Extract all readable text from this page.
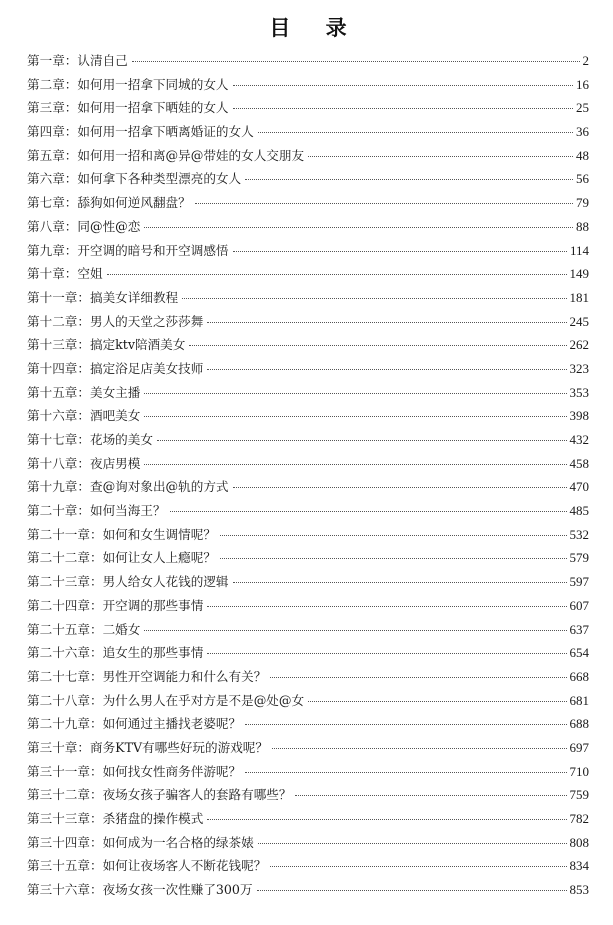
目 录
第一章： 认清自己	2
第二章： 如何用一招拿下同城的女人	16
第三章： 如何用一招拿下晒娃的女人	25
第四章： 如何用一招拿下晒离婚证的女人	36
第五章： 如何用一招和离@异@带娃的女人交朋友	48
第六章： 如何拿下各种类型漂亮的女人	56
第七章： 舔狗如何逆风翻盘？	79
第八章： 同@性@恋	88
第九章： 开空调的暗号和开空调感悟	114
第十章： 空姐	149
第十一章： 搞美女详细教程	181
第十二章： 男人的天堂之莎莎舞	245
第十三章： 搞定ktv陪酒美女	262
第十四章： 搞定浴足店美女技师	323
第十五章： 美女主播	353
第十六章： 酒吧美女	398
第十七章： 花场的美女	432
第十八章： 夜店男模	458
第十九章： 查@询对象出@轨的方式	470
第二十章： 如何当海王？	485
第二十一章： 如何和女生调情呢？	532
第二十二章： 如何让女人上瘾呢？	579
第二十三章： 男人给女人花钱的逻辑	597
第二十四章： 开空调的那些事情	607
第二十五章： 二婚女	637
第二十六章： 追女生的那些事情	654
第二十七章： 男性开空调能力和什么有关？	668
第二十八章： 为什么男人在乎对方是不是@处@女	681
第二十九章： 如何通过主播找老婆呢？	688
第三十章： 商务KTV有哪些好玩的游戏呢？	697
第三十一章： 如何找女性商务伴游呢？	710
第三十二章： 夜场女孩子骗客人的套路有哪些？	759
第三十三章： 杀猪盘的操作模式	782
第三十四章： 如何成为一名合格的绿茶婊	808
第三十五章： 如何让夜场客人不断花钱呢？	834
第三十六章： 夜场女孩一次性赚了300万	853
